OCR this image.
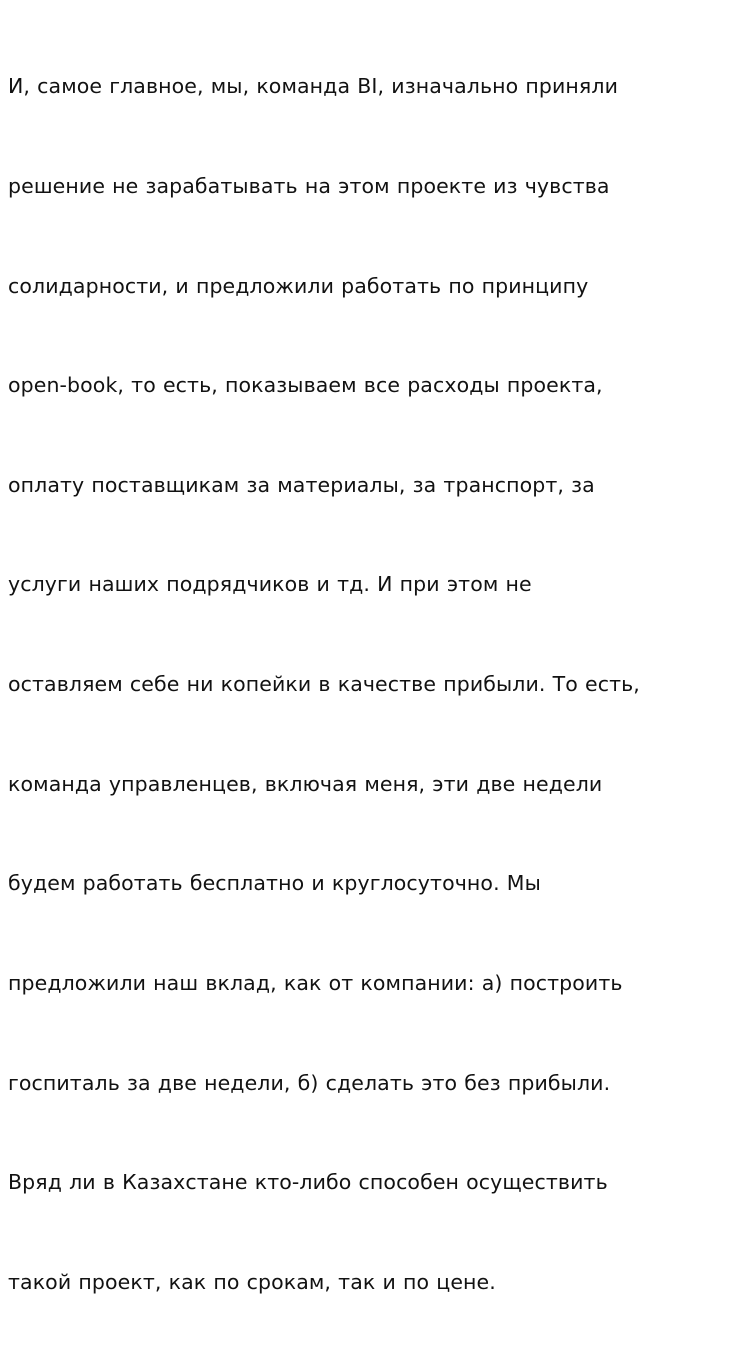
И, самое главное, мы, команда BI, изначально приняли

решение не зарабатывать на этом проекте из чувства

солидарности, и предложили работать по принципу

open-book, то есть, показываем все расходы проекта,

оплату поставщикам за материалы, за транспорт, за

услуги наших подрядчиков и тд. И при этом не

оставляем себе ни копейки в качестве прибыли. То есть,

команда управленцев, включая меня, эти две недели

будем работать бесплатно и круглосуточно. Мы

предложили наш вклад, как от компании: а) построить

госпиталь за две недели, б) сделать это без прибыли.

Вряд ли в Казахстане кто-либо способен осуществить

такой проект, как по срокам, так и по цене.
